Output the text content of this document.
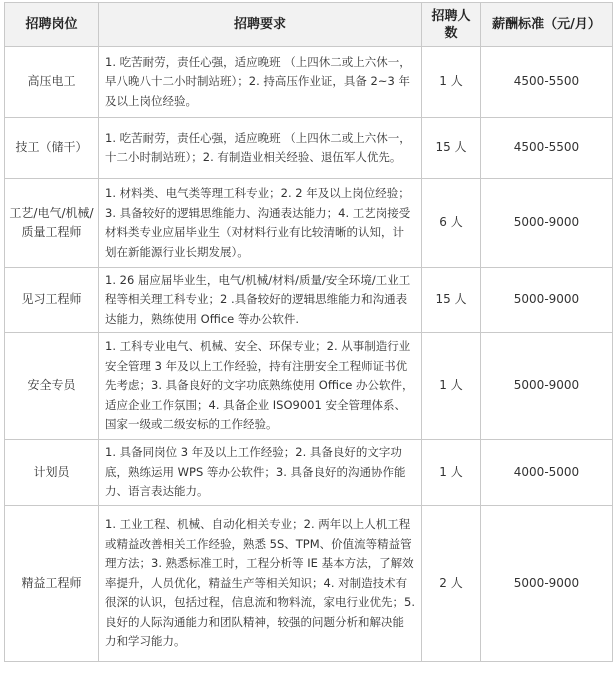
招聘岗位	招聘要求	招聘人数	薪酬标准（元/月）
高压电工	1. 吃苦耐劳，责任心强，适应晚班 （上四休二或上六休一，早八晚八十二小时制站班）；2. 持高压作业证，具备 2~3 年及以上岗位经验。	1 人	4500-5500
技工（储干）	1. 吃苦耐劳，责任心强，适应晚班 （上四休二或上六休一，十二小时制站班）；2. 有制造业相关经验、退伍军人优先。	15 人	4500-5500
工艺/电气/机械/质量工程师	1. 材料类、电气类等理工科专业；2. 2 年及以上岗位经验；3. 具备较好的逻辑思维能力、沟通表达能力；4. 工艺岗接受材料类专业应届毕业生（对材料行业有比较清晰的认知，计划在新能源行业长期发展）。	6 人	5000-9000
见习工程师	1. 26 届应届毕业生，电气/机械/材料/质量/安全环境/工业工程等相关理工科专业；2 .具备较好的逻辑思维能力和沟通表达能力，熟练使用 Office 等办公软件.	15 人	5000-9000
安全专员	1. 工科专业电气、机械、安全、环保专业；2. 从事制造行业安全管理 3 年及以上工作经验，持有注册安全工程师证书优先考虑；3. 具备良好的文字功底熟练使用 Office 办公软件，适应企业工作氛围；4. 具备企业 ISO9001 安全管理体系、国家一级或二级安标的工作经验。	1 人	5000-9000
计划员	1. 具备同岗位 3 年及以上工作经验；2. 具备良好的文字功底，熟练运用 WPS 等办公软件；3. 具备良好的沟通协作能力、语言表达能力。	1 人	4000-5000
精益工程师	1. 工业工程、机械、自动化相关专业；2. 两年以上人机工程或精益改善相关工作经验，熟悉 5S、TPM、价值流等精益管理方法；3. 熟悉标准工时，工程分析等 IE 基本方法，了解效率提升，人员优化，精益生产等相关知识；4. 对制造技术有很深的认识，包括过程，信息流和物料流，家电行业优先；5. 良好的人际沟通能力和团队精神，较强的问题分析和解决能力和学习能力。	2 人	5000-9000
